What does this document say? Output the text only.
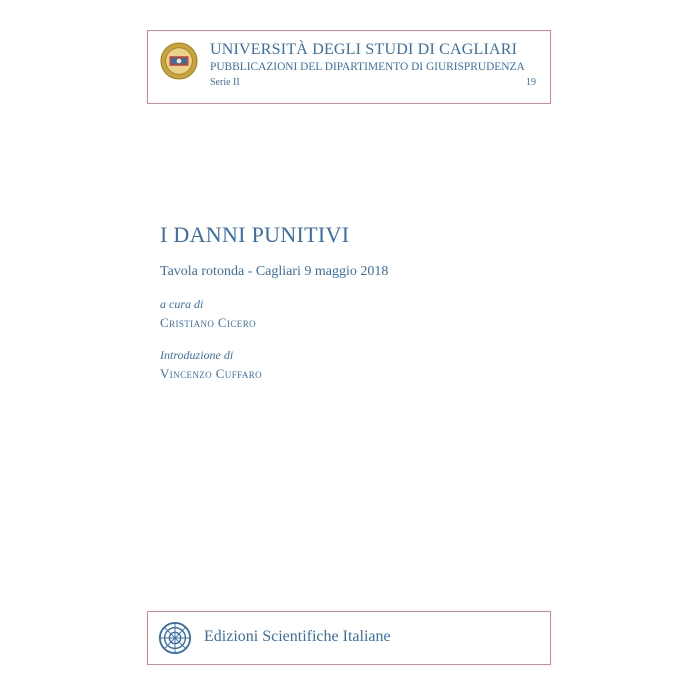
UNIVERSITÀ DEGLI STUDI DI CAGLIARI
PUBBLICAZIONI DEL DIPARTIMENTO DI GIURISPRUDENZA
Serie II	19
I DANNI PUNITIVI
Tavola rotonda - Cagliari 9 maggio 2018
a cura di
Cristiano Cicero
Introduzione di
Vincenzo Cuffaro
Edizioni Scientifiche Italiane
